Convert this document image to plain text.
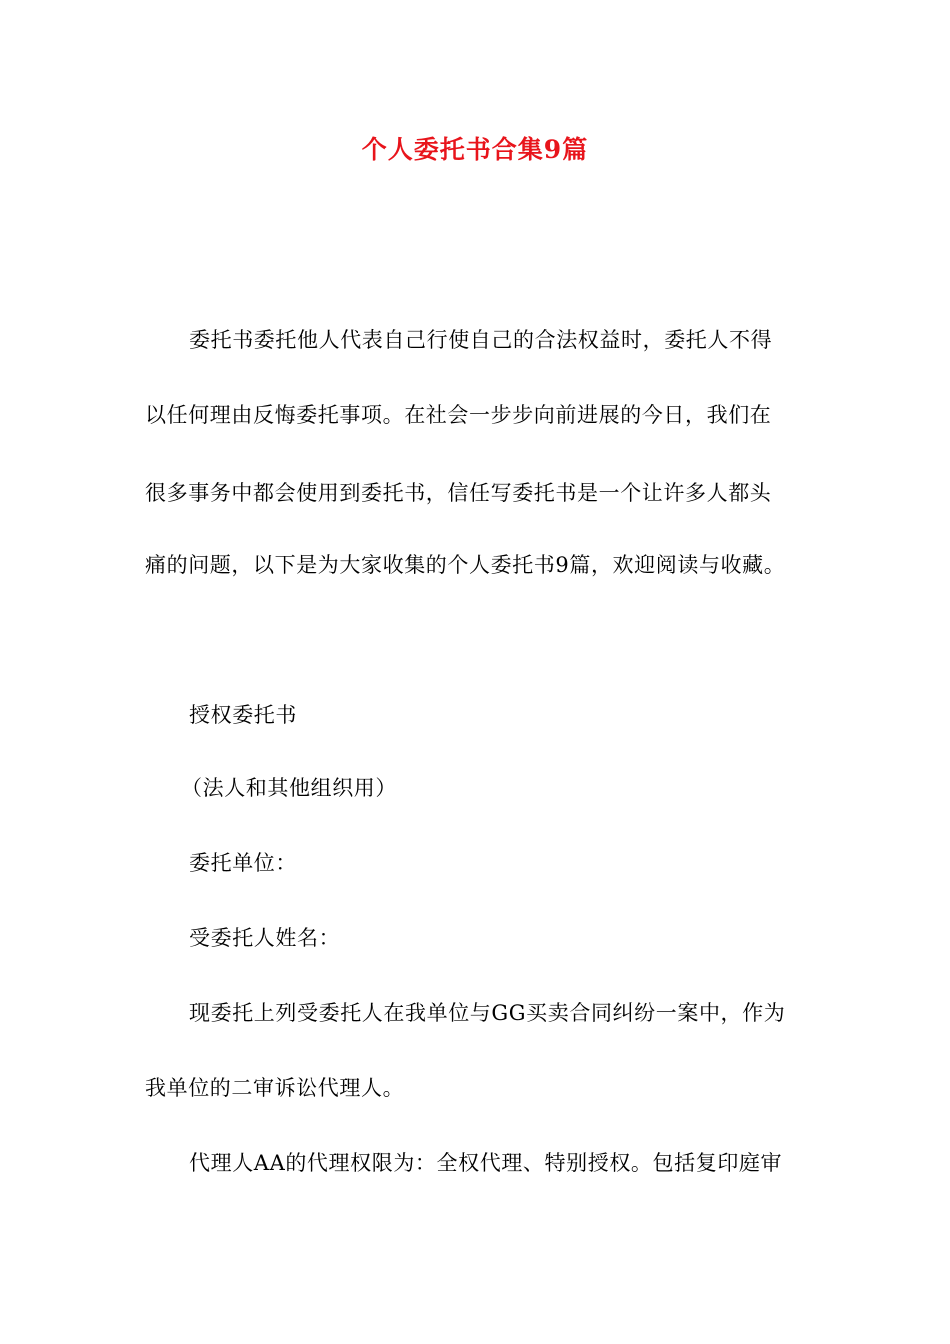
个人委托书合集9篇
委托书委托他人代表自己行使自己的合法权益时，委托人不得
以任何理由反悔委托事项。在社会一步步向前进展的今日，我们在
很多事务中都会使用到委托书，信任写委托书是一个让许多人都头
痛的问题，以下是为大家收集的个人委托书9篇，欢迎阅读与收藏。
授权委托书
（法人和其他组织用）
委托单位：
受委托人姓名：
现委托上列受委托人在我单位与GG买卖合同纠纷一案中，作为
我单位的二审诉讼代理人。
代理人AA的代理权限为：全权代理、特别授权。包括复印庭审
